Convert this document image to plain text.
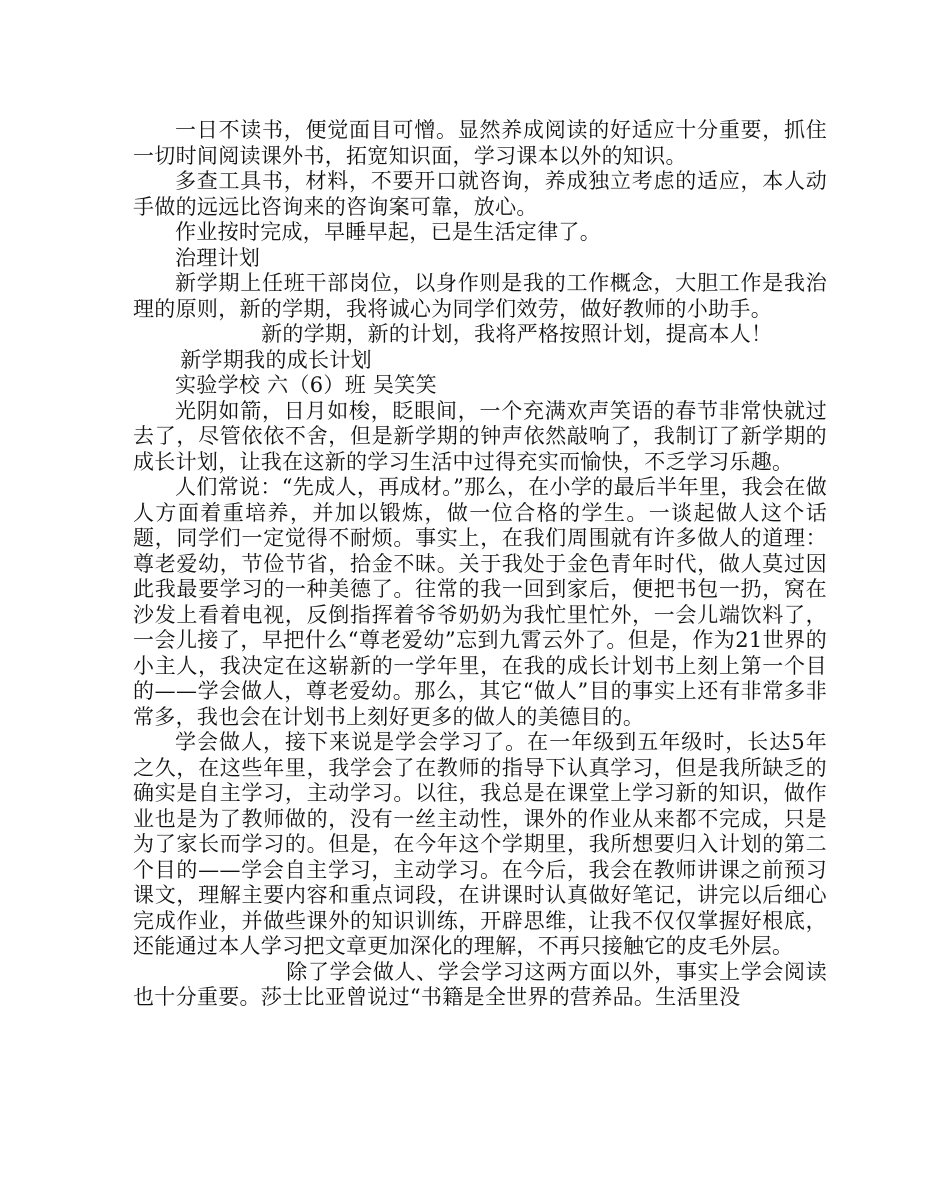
一日不读书，便觉面目可憎。显然养成阅读的好适应十分重要，抓住一切时间阅读课外书，拓宽知识面，学习课本以外的知识。

多查工具书，材料，不要开口就咨询，养成独立考虑的适应，本人动手做的远远比咨询来的咨询案可靠，放心。

作业按时完成，早睡早起，已是生活定律了。

治理计划

新学期上任班干部岗位，以身作则是我的工作概念，大胆工作是我治理的原则，新的学期，我将诚心为同学们效劳，做好教师的小助手。

新的学期，新的计划，我将严格按照计划，提高本人！

新学期我的成长计划

实验学校 六（6）班 吴笑笑

光阴如箭，日月如梭，眨眼间，一个充满欢声笑语的春节非常快就过去了，尽管依依不舍，但是新学期的钟声依然敲响了，我制订了新学期的成长计划，让我在这新的学习生活中过得充实而愉快，不乏学习乐趣。

人们常说：“先成人，再成材。”那么，在小学的最后半年里，我会在做人方面着重培养，并加以锻炼，做一位合格的学生。一谈起做人这个话题，同学们一定觉得不耐烦。事实上，在我们周围就有许多做人的道理：尊老爱幼，节俭节省，拾金不昧。关于我处于金色青年时代，做人莫过因此我最要学习的一种美德了。往常的我一回到家后，便把书包一扔，窝在沙发上看着电视，反倒指挥着爷爷奶奶为我忙里忙外，一会儿端饮料了，一会儿接了，早把什么“尊老爱幼”忘到九霄云外了。但是，作为21世界的小主人，我决定在这崭新的一学年里，在我的成长计划书上刻上第一个目的——学会做人，尊老爱幼。那么，其它“做人”目的事实上还有非常多非常多，我也会在计划书上刻好更多的做人的美德目的。

学会做人，接下来说是学会学习了。在一年级到五年级时，长达5年之久，在这些年里，我学会了在教师的指导下认真学习，但是我所缺乏的确实是自主学习，主动学习。以往，我总是在课堂上学习新的知识，做作业也是为了教师做的，没有一丝主动性，课外的作业从来都不完成，只是为了家长而学习的。但是，在今年这个学期里，我所想要归入计划的第二个目的——学会自主学习，主动学习。在今后，我会在教师讲课之前预习课文，理解主要内容和重点词段，在讲课时认真做好笔记，讲完以后细心完成作业，并做些课外的知识训练，开辟思维，让我不仅仅掌握好根底，还能通过本人学习把文章更加深化的理解，不再只接触它的皮毛外层。

除了学会做人、学会学习这两方面以外，事实上学会阅读也十分重要。莎士比亚曾说过“书籍是全世界的营养品。生活里没
